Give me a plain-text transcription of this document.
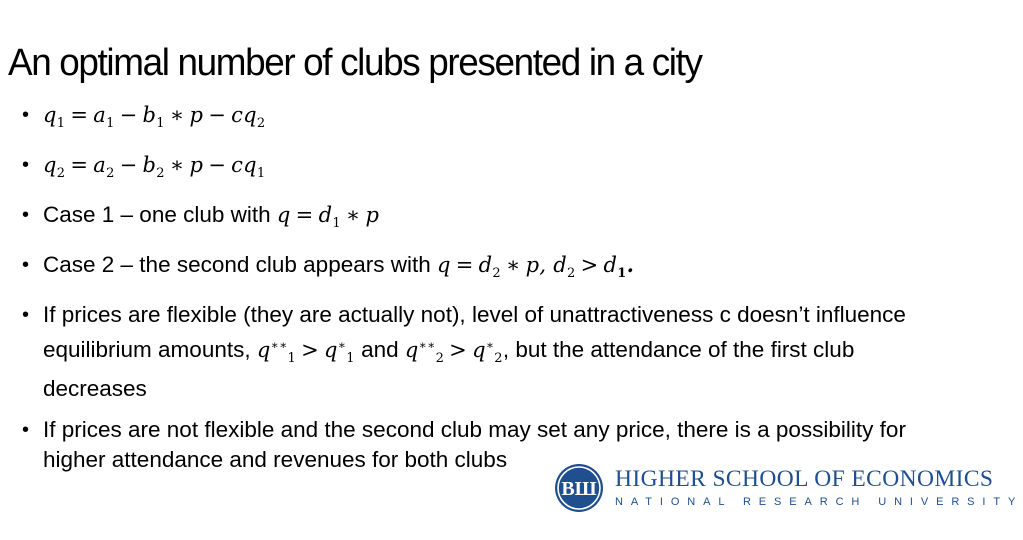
An optimal number of clubs presented in a city
• $q_1 = a_1 - b_1$ ∗ $p - cq_2$
• $q_2 = a_2 - b_2$ ∗ $p - cq_1$
• Case 1 – one club with $q = d_1$ ∗ p
• Case 2 – the second club appears with $q = d_2$ ∗ p, $d_2 > d_1$.
• If prices are flexible (they are actually not), level of unattractiveness c doesn’t influence equilibrium amounts, $q^{∗∗}_1 > q^∗_1$ and $q^{∗∗}_2 > q^∗_2$, but the attendance of the first club decreases
• If prices are not flexible and the second club may set any price, there is a possibility for higher attendance and revenues for both clubs
ВШ HIGHER SCHOOL OF ECONOMICS
NATIONAL RESEARCH UNIVERSITY
